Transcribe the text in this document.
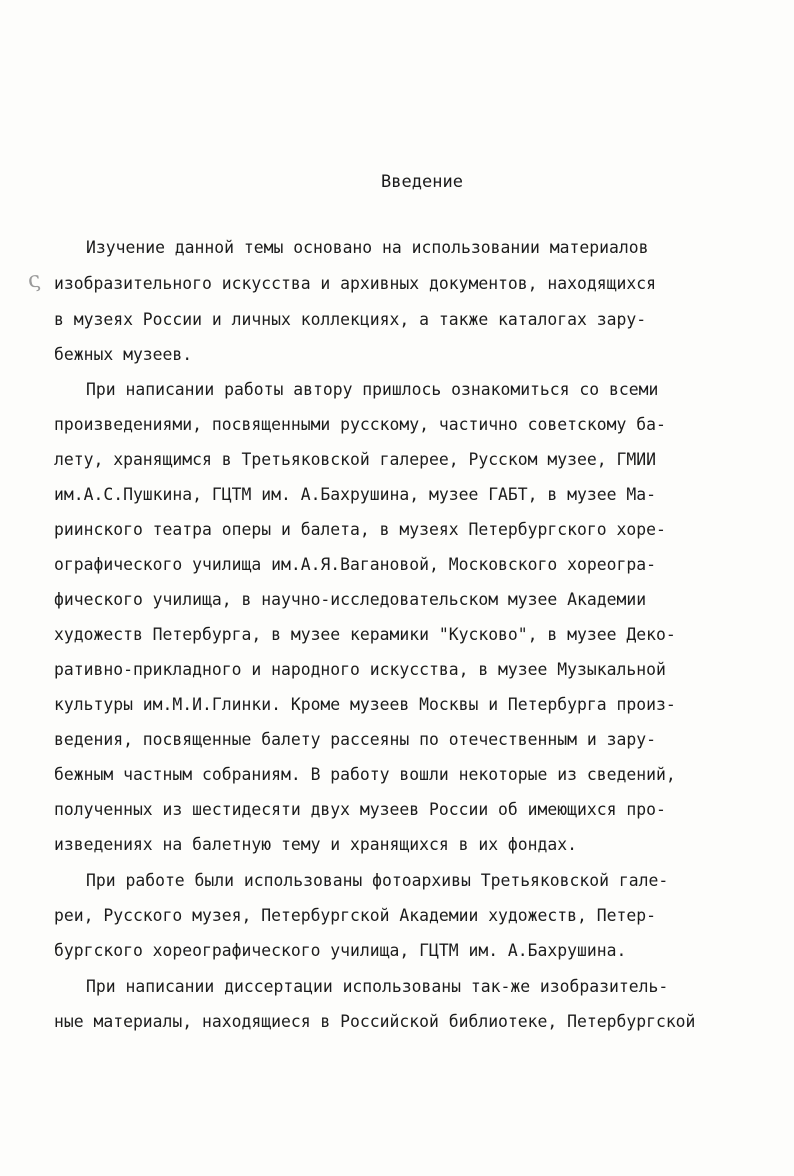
Введение
ς
Изучение данной темы основано на использовании материалов
изобразительного искусства и архивных документов, находящихся
в музеях России и личных коллекциях, а также каталогах зару-
бежных музеев.
При написании работы автору пришлось ознакомиться со всеми
произведениями, посвященными русскому, частично советскому ба-
лету, хранящимся в Третьяковской галерее, Русском музее, ГМИИ
им.А.С.Пушкина, ГЦТМ им. А.Бахрушина, музее ГАБТ, в музее Ма-
риинского театра оперы и балета, в музеях Петербургского хоре-
ографического училища им.А.Я.Вагановой, Московского хореогра-
фического училища, в научно-исследовательском музее Академии
художеств Петербурга, в музее керамики "Кусково", в музее Деко-
ративно-прикладного и народного искусства, в музее Музыкальной
культуры им.М.И.Глинки. Кроме музеев Москвы и Петербурга произ-
ведения, посвященные балету рассеяны по отечественным и зару-
бежным частным собраниям. В работу вошли некоторые из сведений,
полученных из шестидесяти двух музеев России об имеющихся про-
изведениях на балетную тему и хранящихся в их фондах.
При работе были использованы фотоархивы Третьяковской гале-
реи, Русского музея, Петербургской Академии художеств, Петер-
бургского хореографического училища, ГЦТМ им. А.Бахрушина.
При написании диссертации использованы так-же изобразитель-
ные материалы, находящиеся в Российской библиотеке, Петербургской
